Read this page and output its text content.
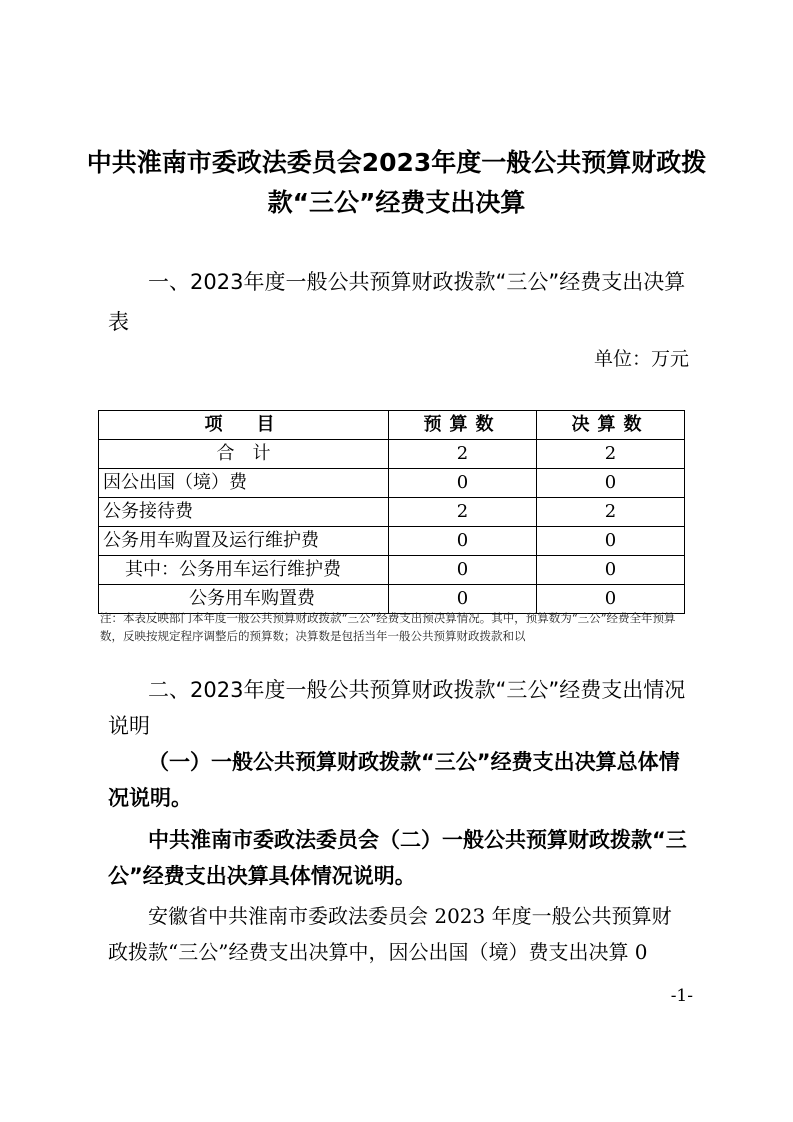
中共淮南市委政法委员会2023年度一般公共预算财政拨
款“三公”经费支出决算
一、2023年度一般公共预算财政拨款“三公”经费支出决算
表
单位：万元
项　目	预算数	决算数
合　计	2	2
因公出国（境）费	0	0
公务接待费	2	2
公务用车购置及运行维护费	0	0
其中：公务用车运行维护费	0	0
公务用车购置费	0	0
注：本表反映部门本年度一般公共预算财政拨款“三公”经费支出预决算情况。其中，预算数为“三公”经费全年预算数，反映按规定程序调整后的预算数；决算数是包括当年一般公共预算财政拨款和以
二、2023年度一般公共预算财政拨款“三公”经费支出情况
说明
（一）一般公共预算财政拨款“三公”经费支出决算总体情
况说明。
中共淮南市委政法委员会（二）一般公共预算财政拨款“三
公”经费支出决算具体情况说明。
安徽省中共淮南市委政法委员会 2023 年度一般公共预算财
政拨款“三公”经费支出决算中，因公出国（境）费支出决算 0
-1-
